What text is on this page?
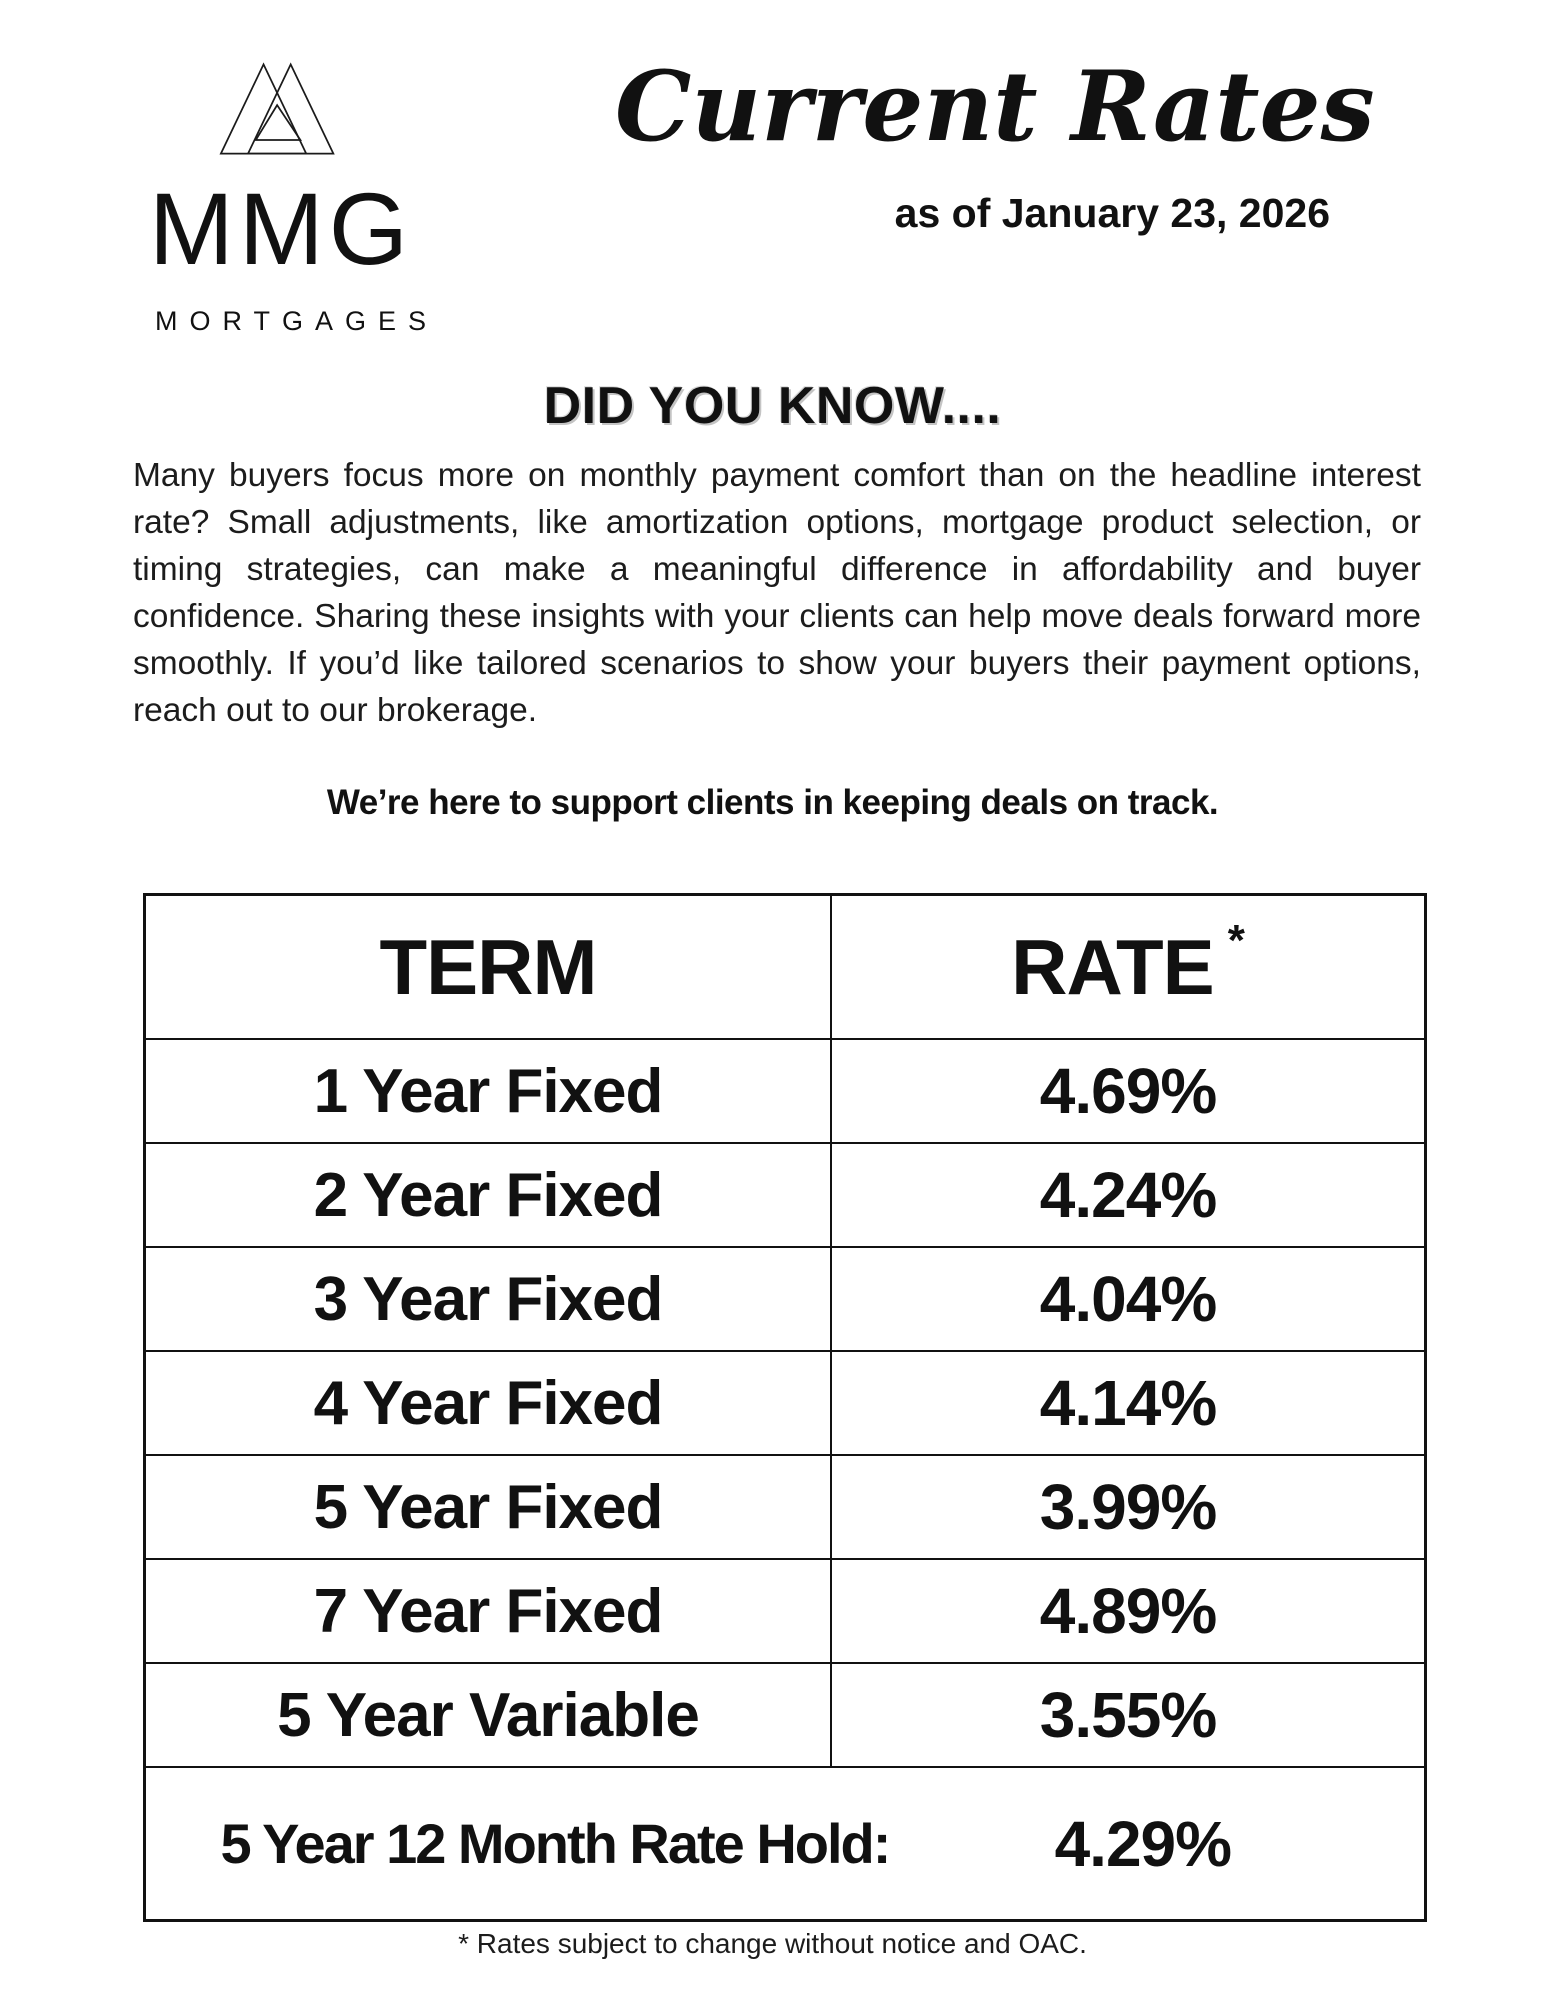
MMG
MORTGAGES
Current Rates
as of January 23, 2026
DID YOU KNOW....
Many buyers focus more on monthly payment comfort than on the headline interest rate? Small adjustments, like amortization options, mortgage product selection, or timing strategies, can make a meaningful difference in affordability and buyer confidence. Sharing these insights with your clients can help move deals forward more smoothly. If you’d like tailored scenarios to show your buyers their payment options, reach out to our brokerage.
We’re here to support clients in keeping deals on track.
TERM	RATE *
1 Year Fixed	4.69%
2 Year Fixed	4.24%
3 Year Fixed	4.04%
4 Year Fixed	4.14%
5 Year Fixed	3.99%
7 Year Fixed	4.89%
5 Year Variable	3.55%
5 Year 12 Month Rate Hold:	4.29%
* Rates subject to change without notice and OAC.
